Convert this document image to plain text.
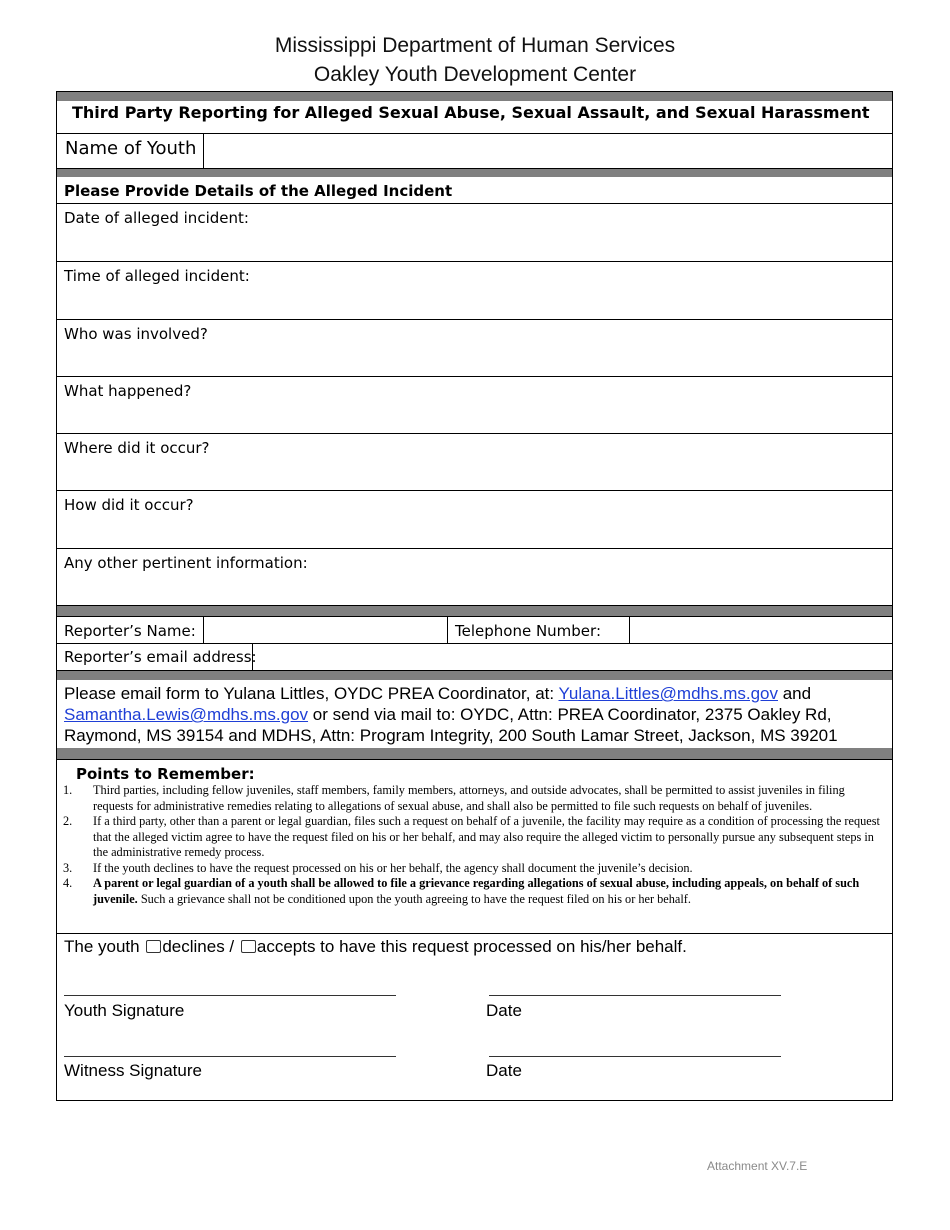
Mississippi Department of Human Services
Oakley Youth Development Center
Third Party Reporting for Alleged Sexual Abuse, Sexual Assault, and Sexual Harassment
Name of Youth
Please Provide Details of the Alleged Incident
Date of alleged incident:
Time of alleged incident:
Who was involved?
What happened?
Where did it occur?
How did it occur?
Any other pertinent information:
Reporter’s Name:	Telephone Number:
Reporter’s email address:
Please email form to Yulana Littles, OYDC PREA Coordinator, at: Yulana.Littles@mdhs.ms.gov and
Samantha.Lewis@mdhs.ms.gov or send via mail to: OYDC, Attn: PREA Coordinator, 2375 Oakley Rd,
Raymond, MS 39154 and MDHS, Attn: Program Integrity, 200 South Lamar Street, Jackson, MS 39201
Points to Remember:
1. Third parties, including fellow juveniles, staff members, family members, attorneys, and outside advocates, shall be permitted to assist juveniles in filing requests for administrative remedies relating to allegations of sexual abuse, and shall also be permitted to file such requests on behalf of juveniles.
2. If a third party, other than a parent or legal guardian, files such a request on behalf of a juvenile, the facility may require as a condition of processing the request that the alleged victim agree to have the request filed on his or her behalf, and may also require the alleged victim to personally pursue any subsequent steps in the administrative remedy process.
3. If the youth declines to have the request processed on his or her behalf, the agency shall document the juvenile’s decision.
4. A parent or legal guardian of a youth shall be allowed to file a grievance regarding allegations of sexual abuse, including appeals, on behalf of such juvenile. Such a grievance shall not be conditioned upon the youth agreeing to have the request filed on his or her behalf.
The youth declines / accepts to have this request processed on his/her behalf.
Youth Signature	Date
Witness Signature	Date
Attachment XV.7.E
